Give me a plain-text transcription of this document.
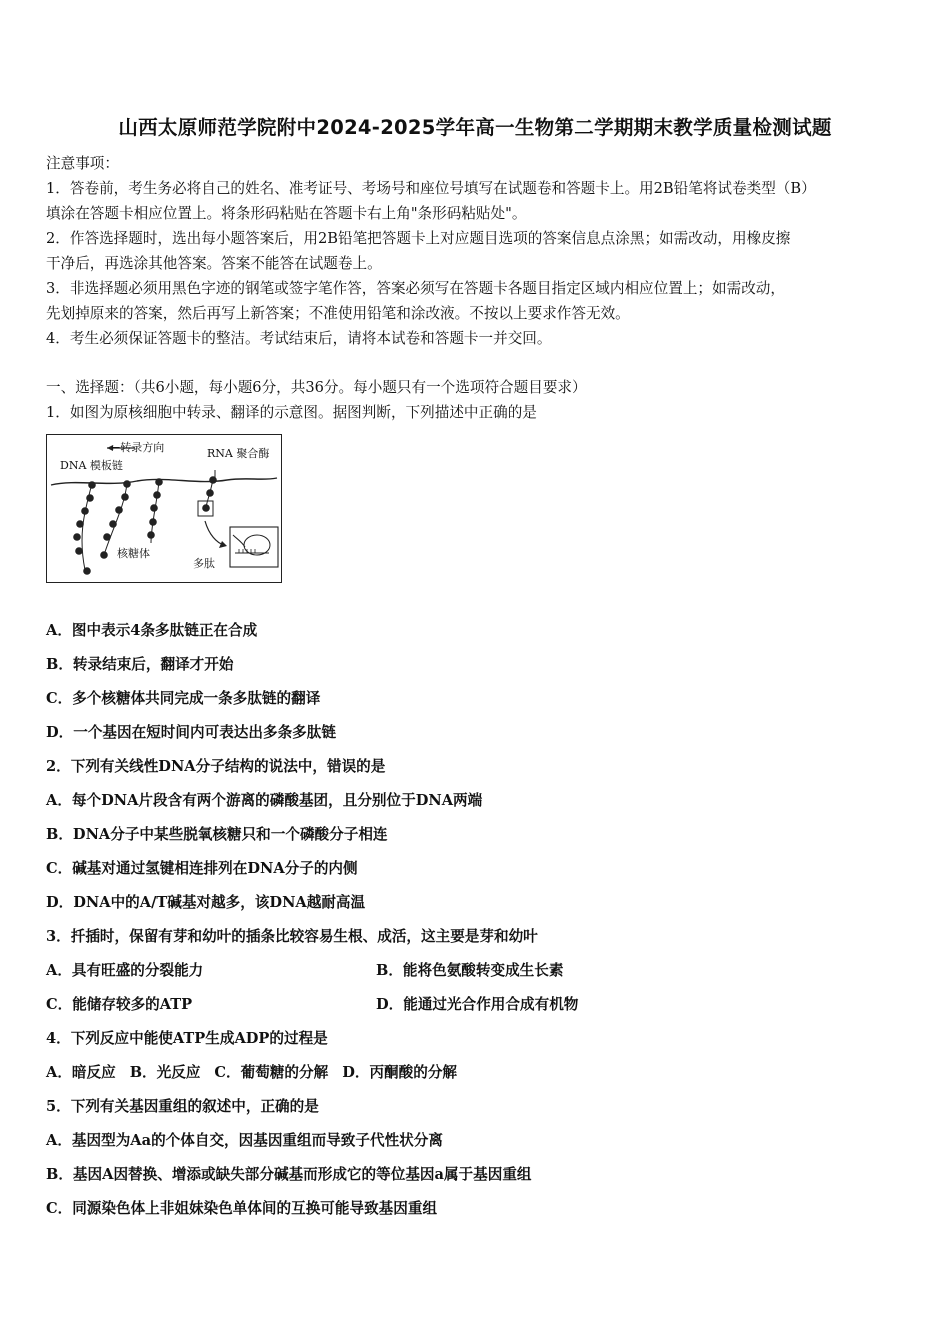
山西太原师范学院附中2024-2025学年高一生物第二学期期末教学质量检测试题
注意事项：
1．答卷前，考生务必将自己的姓名、准考证号、考场号和座位号填写在试题卷和答题卡上。用2B铅笔将试卷类型（B）
填涂在答题卡相应位置上。将条形码粘贴在答题卡右上角"条形码粘贴处"。
2．作答选择题时，选出每小题答案后，用2B铅笔把答题卡上对应题目选项的答案信息点涂黑；如需改动，用橡皮擦
干净后，再选涂其他答案。答案不能答在试题卷上。
3．非选择题必须用黑色字迹的钢笔或签字笔作答，答案必须写在答题卡各题目指定区域内相应位置上；如需改动，
先划掉原来的答案，然后再写上新答案；不准使用铅笔和涂改液。不按以上要求作答无效。
4．考生必须保证答题卡的整洁。考试结束后，请将本试卷和答题卡一并交回。
一、选择题：（共6小题，每小题6分，共36分。每小题只有一个选项符合题目要求）
1．如图为原核细胞中转录、翻译的示意图。据图判断，下列描述中正确的是
←转录方向	RNA 聚合酶
DNA 模板链
核糖体
多肽
A．图中表示4条多肽链正在合成
B．转录结束后，翻译才开始
C．多个核糖体共同完成一条多肽链的翻译
D．一个基因在短时间内可表达出多条多肽链
2．下列有关线性DNA分子结构的说法中，错误的是
A．每个DNA片段含有两个游离的磷酸基团，且分别位于DNA两端
B．DNA分子中某些脱氧核糖只和一个磷酸分子相连
C．碱基对通过氢键相连排列在DNA分子的内侧
D．DNA中的A/T碱基对越多，该DNA越耐高温
3．扦插时，保留有芽和幼叶的插条比较容易生根、成活，这主要是芽和幼叶
A．具有旺盛的分裂能力	B．能将色氨酸转变成生长素
C．能储存较多的ATP	D．能通过光合作用合成有机物
4．下列反应中能使ATP生成ADP的过程是
A．暗反应 B．光反应 C．葡萄糖的分解 D．丙酮酸的分解
5．下列有关基因重组的叙述中，正确的是
A．基因型为Aa的个体自交，因基因重组而导致子代性状分离
B．基因A因替换、增添或缺失部分碱基而形成它的等位基因a属于基因重组
C．同源染色体上非姐妹染色单体间的互换可能导致基因重组
